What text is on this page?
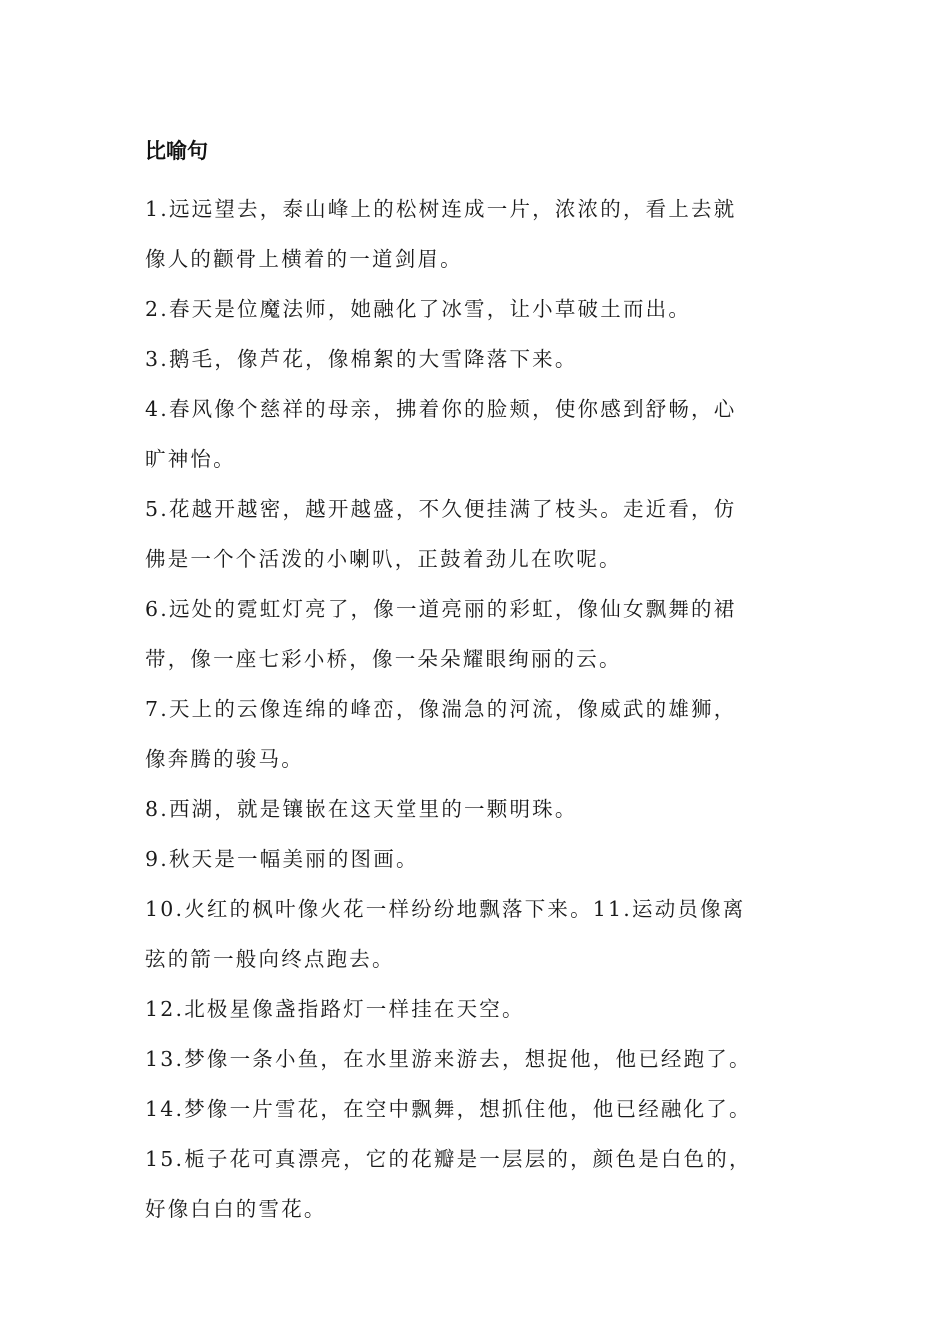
比喻句
1.远远望去，泰山峰上的松树连成一片，浓浓的，看上去就
像人的颧骨上横着的一道剑眉。
2.春天是位魔法师，她融化了冰雪，让小草破土而出。
3.鹅毛，像芦花，像棉絮的大雪降落下来。
4.春风像个慈祥的母亲，拂着你的脸颊，使你感到舒畅，心
旷神怡。
5.花越开越密，越开越盛，不久便挂满了枝头。走近看，仿
佛是一个个活泼的小喇叭，正鼓着劲儿在吹呢。
6.远处的霓虹灯亮了，像一道亮丽的彩虹，像仙女飘舞的裙
带，像一座七彩小桥，像一朵朵耀眼绚丽的云。
7.天上的云像连绵的峰峦，像湍急的河流，像威武的雄狮，
像奔腾的骏马。
8.西湖，就是镶嵌在这天堂里的一颗明珠。
9.秋天是一幅美丽的图画。
10.火红的枫叶像火花一样纷纷地飘落下来。11.运动员像离
弦的箭一般向终点跑去。
12.北极星像盏指路灯一样挂在天空。
13.梦像一条小鱼，在水里游来游去，想捉他，他已经跑了。
14.梦像一片雪花，在空中飘舞，想抓住他，他已经融化了。
15.栀子花可真漂亮，它的花瓣是一层层的，颜色是白色的，
好像白白的雪花。
